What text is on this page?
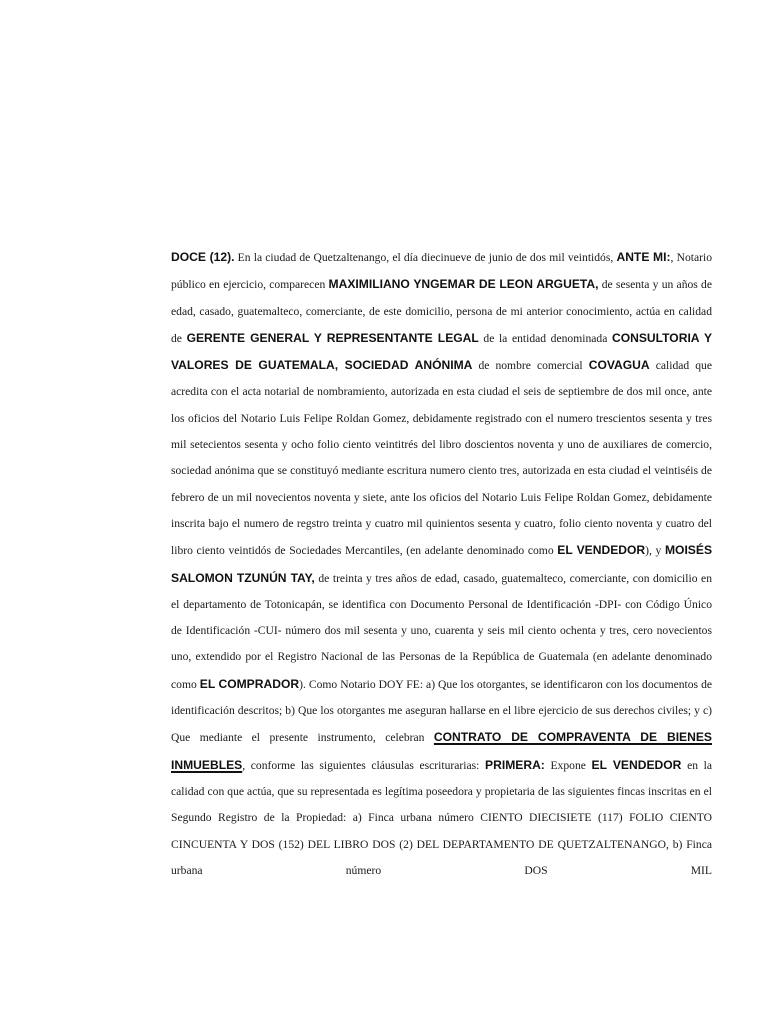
DOCE (12). En la ciudad de Quetzaltenango, el día diecinueve de junio de dos mil veintidós, ANTE MI:, Notario público en ejercicio, comparecen MAXIMILIANO YNGEMAR DE LEON ARGUETA, de sesenta y un años de edad, casado, guatemalteco, comerciante, de este domicilio, persona de mi anterior conocimiento, actúa en calidad de GERENTE GENERAL Y REPRESENTANTE LEGAL de la entidad denominada CONSULTORIA Y VALORES DE GUATEMALA, SOCIEDAD ANÓNIMA de nombre comercial COVAGUA calidad que acredita con el acta notarial de nombramiento, autorizada en esta ciudad el seis de septiembre de dos mil once, ante los oficios del Notario Luis Felipe Roldan Gomez, debidamente registrado con el numero trescientos sesenta y tres mil setecientos sesenta y ocho folio ciento veintitrés del libro doscientos noventa y uno de auxiliares de comercio, sociedad anónima que se constituyó mediante escritura numero ciento tres, autorizada en esta ciudad el veintiséis de febrero de un mil novecientos noventa y siete, ante los oficios del Notario Luis Felipe Roldan Gomez, debidamente inscrita bajo el numero de regstro treinta y cuatro mil quinientos sesenta y cuatro, folio ciento noventa y cuatro del libro ciento veintidós de Sociedades Mercantiles, (en adelante denominado como EL VENDEDOR), y MOISÉS SALOMON TZUNÚN TAY, de treinta y tres años de edad, casado, guatemalteco, comerciante, con domicilio en el departamento de Totonicapán, se identifica con Documento Personal de Identificación -DPI- con Código Único de Identificación -CUI- número dos mil sesenta y uno, cuarenta y seis mil ciento ochenta y tres, cero novecientos uno, extendido por el Registro Nacional de las Personas de la República de Guatemala (en adelante denominado como EL COMPRADOR). Como Notario DOY FE: a) Que los otorgantes, se identificaron con los documentos de identificación descritos; b) Que los otorgantes me aseguran hallarse en el libre ejercicio de sus derechos civiles; y c) Que mediante el presente instrumento, celebran CONTRATO DE COMPRAVENTA DE BIENES INMUEBLES, conforme las siguientes cláusulas escriturarias: PRIMERA: Expone EL VENDEDOR en la calidad con que actúa, que su representada es legítima poseedora y propietaria de las siguientes fincas inscritas en el Segundo Registro de la Propiedad: a) Finca urbana número CIENTO DIECISIETE (117) FOLIO CIENTO CINCUENTA Y DOS (152) DEL LIBRO DOS (2) DEL DEPARTAMENTO DE QUETZALTENANGO, b) Finca urbana número DOS MIL
